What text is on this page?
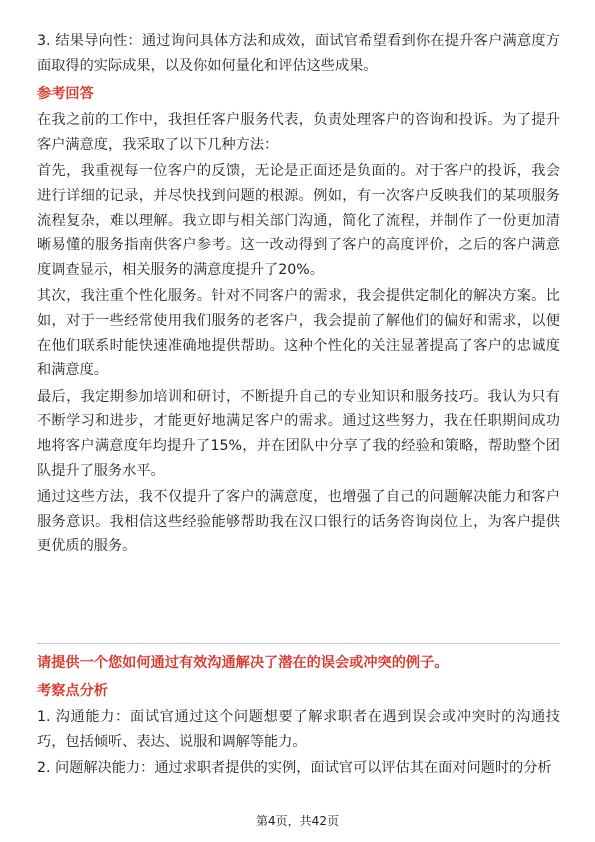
3. 结果导向性：通过询问具体方法和成效，面试官希望看到你在提升客户满意度方面取得的实际成果，以及你如何量化和评估这些成果。

参考回答

在我之前的工作中，我担任客户服务代表，负责处理客户的咨询和投诉。为了提升客户满意度，我采取了以下几种方法：

首先，我重视每一位客户的反馈，无论是正面还是负面的。对于客户的投诉，我会进行详细的记录，并尽快找到问题的根源。例如，有一次客户反映我们的某项服务流程复杂，难以理解。我立即与相关部门沟通，简化了流程，并制作了一份更加清晰易懂的服务指南供客户参考。这一改动得到了客户的高度评价，之后的客户满意度调查显示，相关服务的满意度提升了20%。

其次，我注重个性化服务。针对不同客户的需求，我会提供定制化的解决方案。比如，对于一些经常使用我们服务的老客户，我会提前了解他们的偏好和需求，以便在他们联系时能快速准确地提供帮助。这种个性化的关注显著提高了客户的忠诚度和满意度。

最后，我定期参加培训和研讨，不断提升自己的专业知识和服务技巧。我认为只有不断学习和进步，才能更好地满足客户的需求。通过这些努力，我在任职期间成功地将客户满意度年均提升了15%，并在团队中分享了我的经验和策略，帮助整个团队提升了服务水平。

通过这些方法，我不仅提升了客户的满意度，也增强了自己的问题解决能力和客户服务意识。我相信这些经验能够帮助我在汉口银行的话务咨询岗位上，为客户提供更优质的服务。

请提供一个您如何通过有效沟通解决了潜在的误会或冲突的例子。
考察点分析

1. 沟通能力：面试官通过这个问题想要了解求职者在遇到误会或冲突时的沟通技巧，包括倾听、表达、说服和调解等能力。

2. 问题解决能力：通过求职者提供的实例，面试官可以评估其在面对问题时的分析

第4页，共42页
